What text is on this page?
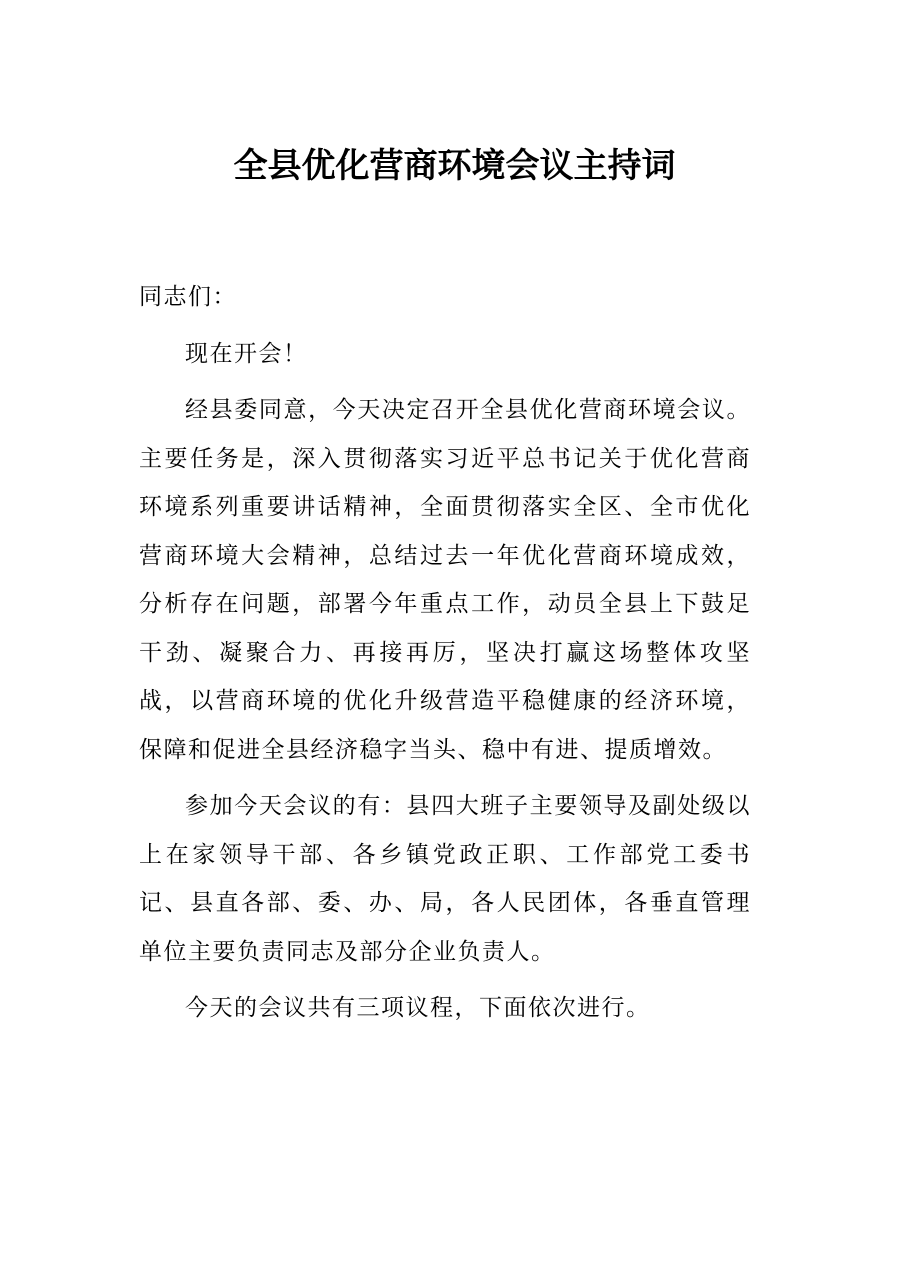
全县优化营商环境会议主持词

同志们：

现在开会！

经县委同意，今天决定召开全县优化营商环境会议。主要任务是，深入贯彻落实习近平总书记关于优化营商环境系列重要讲话精神，全面贯彻落实全区、全市优化营商环境大会精神，总结过去一年优化营商环境成效，分析存在问题，部署今年重点工作，动员全县上下鼓足干劲、凝聚合力、再接再厉，坚决打赢这场整体攻坚战，以营商环境的优化升级营造平稳健康的经济环境，保障和促进全县经济稳字当头、稳中有进、提质增效。

参加今天会议的有：县四大班子主要领导及副处级以上在家领导干部、各乡镇党政正职、工作部党工委书记、县直各部、委、办、局，各人民团体，各垂直管理单位主要负责同志及部分企业负责人。

今天的会议共有三项议程，下面依次进行。
